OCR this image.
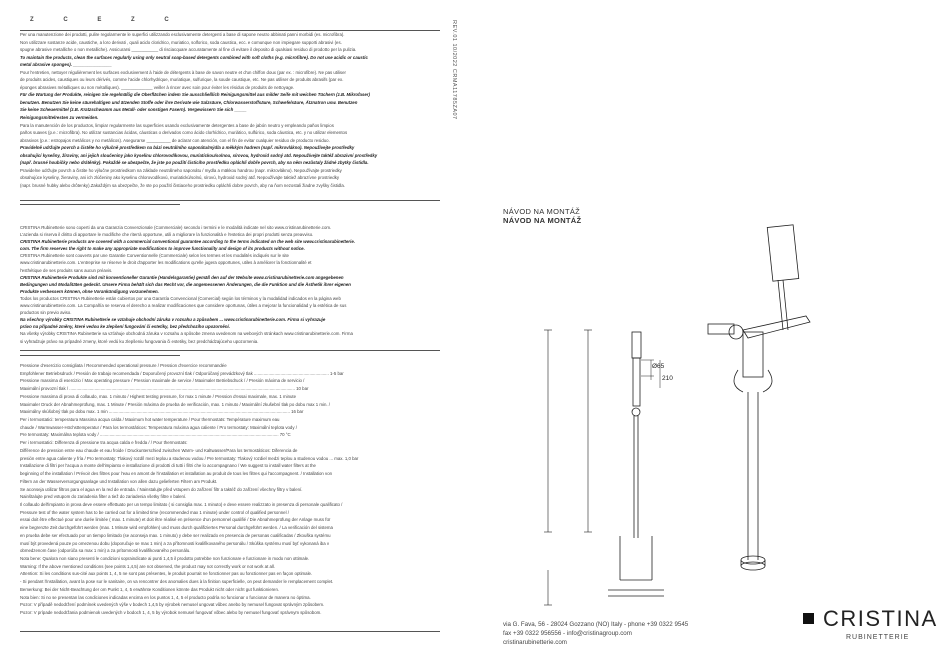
Z C E Z C

Per una manutenzione dei prodotti, pulire regolarmente le superfici utilizzando esclusivamente detergenti a base di sapone neutro abbinati panni morbidi (es. microfibra).

Non utilizzare sostanze acide, caustiche, a loro derivati , quali acido cloridrico, muriatico, solforico, soda caustica, ecc. e comunque non impiegare supporti abrasivi (es.

spugne abrasive metalliche o non metalliche). Assicurarsi ___________ di risciacquare accuratamente al fine di evitare il deposito di qualsiasi residuo di prodotto per la pulizia.

To maintain the products, clean the surfaces regularly using only neutral soap-based detergents combined with soft cloths (e.g. microfibre). Do not use acidic or caustic

metal abrasive sponges). ________________

Pour l'entretien, nettoyer régulièrement les surfaces exclusivement à l'aide de détergents à base de savon neutre et d'un chiffon doux (par ex. : microfibre). Ne pas utiliser

de produits acides, caustiques ou leurs dérivés, comme l'acide chlorhydrique, muriatique, sulfurique, la soude caustique, etc. Ne pas utiliser de produits abrasifs (par ex.

éponges abrasives métalliques ou non métalliques). _____________ veiller à rincer avec soin pour éviter les résidus de produits de nettoyage.

Für die Wartung der Produkte, reinigen Sie regelmäßig die Oberflächen indem Sie ausschließlich Reinigungsmittel aus milder Seife mit weichen Tüchern (z.B. Mikrofaser)

benutzen. Benutzen Sie keine säurehaltigen und ätzenden Stoffe oder ihre Derivate wie Salzsäure, Chlorwasserstoffsäure, Schwefelsäure, Ätznatron usw. Benutzen

Sie keine Scheuermittel (z.B. Kratzschwamm aus Metall- oder sonstigen Fasern). Vergewissern Sie sich _____

Reinigungsmittelresten zu vermeiden.

Para la manutención de los productos, limpiar regularmente las superficies usando exclusivamente detergentes a base de jabón neutro y empleando paños limpios

paños suaves (p.e.: microfibra). No utilizar sustancias ácidas, cáusticas o derivados como ácido clorhídrico, muriático, sulfúrico, soda cáustica, etc. y no utilizar elementos

abrasivos (p.e.: estropajos metálicos y no metálicos). Asegurarse __________ de aclarar con atención, con el fin de evitar cualquier residuo de producto residuo.

Pravidelně udržujte povrch a čistěte ho výlučně prostředkem na bázi neutrálního saponátu/mýdla a měkkým hadrem (např. mikrovlákno). Nepoužívejte prostředky

obsahující kyseliny, žíraviny, ani jejich sloučeniny jako kyselinu chlorovodíkovou, muriatickou/solnou, sírovou, hydroxid sodný atd. Nepoužívejte taktéž abrazivní prostředky

(např. brusné houbičky nebo drátěnky). Pokaždé se ubezpečte, že jste po použití čisticího prostředku opláchli dobře povrch, aby na něm nezůstaly žádné zbytky čistidla.

Pravidelne udržujte povrch a čistite ho výlučne prostriedkom na základe neutrálneho saponátu / mydla a mäkkou handrou (napr. mikrovlákno). Nepoužívajte prostriedky

obsahujúce kyseliny, žieraviny, ani ich zlúčeniny ako kyselinu chlorovodíkovú, muriatickú/solnú, sírovú, hydroxid sodný atď. Nepoužívajte taktiež abrazívne prostriedky

(napr. brusné hubky alebo drôtenky).Zakaždým sa ubezpečte, že ste po použití čistiaceho prostriedku opláchli dobre povrch, aby na ňom nezostali žiadne zvyšky čistidla.

CRISTINA Rubinetterie sono coperti da una Garanzia Convenzionale (Commerciale) secondo i termini e le modalità indicate nel sito www.cristinarubinetterie.com.

L'azienda si riserva il diritto di apportare le modifiche che riterrà opportune, utili a migliorare la funzionalità e l'estetica dei propri prodotti senza preavviso.

CRISTINA Rubinetterie products are covered with a commercial conventional guarantee according to the terms indicated on the web site www.cristinarubinetterie.

com. The firm reserves the right to make any appropriate modifications to improve functionality and design of its products without notice.

CRISTINA Rubinetterie sont couverts par une Garantie Conventionnelle (Commerciale) selon les termes et les modalités indiqués sur le site

www.cristinarubinetterie.com. L'entreprise se réserve le droit d'apporter les modifications qu'elle jugera opportunes, utiles à améliorer la fonctionnalité et

l'esthétique de ses produits sans aucun préavis.

CRISTINA Rubinetterie Produkte sind mit konventioneller Garantie (Handelsgarantie) gemäß den auf der Website www.cristinarubinetterie.com angegebenen

Bedingungen und Modalitäten gedeckt. Unsere Firma behält sich das Recht vor, die angemessenen Änderungen, die die Funktion und die Ästhetik ihrer eigenen

Produkte verbessern können, ohne Vorankündigung vorzunehmen.

Todos los productos CRISTINA Rubinetterie están cubiertos por una Garantía Convencional (Comercial) según los términos y la modalidad indicados en la página web

www.cristinarubinetterie.com. La Compañía se reserva el derecho a realizar modificaciones que considere oportunas, útiles a mejorar la funcionalidad y la estética de sus

productos sin previo aviso.

Na všechny výrobky CRISTINA Rubinetterie se vztahuje obchodní záruka v rozsahu a způsobem ... www.cristinarubinetterie.com. Firma si vyhrazuje

právo na případné změny, které vedou ke zlepšení fungování či estetiky, bez předchozího upozornění.

Na všetky výrobky CRISTINA Rubinetterie sa vzťahuje obchodná záruka v rozsahu a spôsobe zmena uvedenom na webových stránkach www.cristinarubinetterie.com. Firma

si vyhradzuje právo na prípadné zmeny, ktoré vedú ku zlepšeniu fungovania či estetiky, bez predchádzajúceho upozornenia.

Pressione d'esercizio consigliata / Recommended operational pressure / Pression d'exercice recommandée

Empfohlener Betriebsdruck / Presión de trabajo recomendada / Doporučený provozní tlak / Odporúčaný prevádzkový tlak .............................................................. 1-5 bar

Pressione massima di esercizio / Max operating pressure / Pression maximale de service / Maximaler Betriebsdruck / / Presión máxima de servicio /

Maximální provozní tlak / ........................................................................................................................................................................................... 10 bar

Pressione massima di prova di collaudo, max. 1 minuto / Highest testing pressure, for max 1 minute / Pression d'essai maximale, max. 1 minute

Maximaler Druck der Abnahmeprüfung, max. 1 Minute / Presión máxima de prueba de verificación, max. 1 minuto / Maximální zkušební tlak po dobu max 1 min. /

Maximálny skúšobný tlak po dobu max. 1 min ...................................................................................................................................................... 16 bar

Per i termostatici: temperatura Massima acqua calda / Maximum hot water temperature / Pour thermostats: Température maximum eau

chaude / Warmwasser-Höchsttemperatur / Para los termostáticos: Temperatura máxima agua caliente / Pro termostaty: Maximální teplota vody /

Pre termostaty: Maximálna teplota vody / .................................................................................................................................................... 70 °C

Per i termostatici: Differenza di pressione tra acqua calda e fredda / / Pour thermostats:

Différence de pression entre eau chaude et eau froide / Druckunterschied zwischen Warm- und Kaltwasser/Para los termostáticos: Diferencia de

presión entre agua caliente y fría / Pro termostaty: Tlakový rozdíl mezi teplou a studenou vodou / Pre termostaty: Tlakový rozdiel medzi teplou a studenou vodou ... max. 1,0 bar

Installazione di filtri per l'acqua a monte dell'impianto e installazione di prodotti di tutti i filtri che lo accompagnano / We suggest to install water filters at the

beginning of the installation / Prévoir des filtres pour l'eau en amont de l'installation et installation au produit de tous les filtres qui l'accompagnent. / Installation von

Filtern an der Wasserversorgungsanlage und Installation von allen dazu gelieferten Filtern am Produkt.

Se aconseja utilizar filtros para el agua en la red de entrada. / Nainstalujte před vstupem do zařízení filtr a taktéž do zařízení všechny filtry v balení.

Nainštalujte pred vstupom do zariadenia filter a tiež do zariadenia všetky filtre v balení.

Il collaudo dell'impianto in prova deve essere effettuato per un tempo limitato ( si consiglia max. 1 minuto) e deve essere realizzato in presenza di personale qualificato /

Pressure test of the water system has to be carried out for a limited time (recommended max 1 minute) under control of qualified personnel /

essai doit être effectué pour une durée limitée ( max. 1 minute) et doit être réalisé en présence d'un personnel qualifié / Die Abnahmeprüfung der Anlage muss für

eine begrenzte Zeit durchgeführt werden (max. 1 Minute wird empfohlen) und muss durch qualifiziertes Personal durchgeführt werden. / La verificación del sistema

en prueba debe ser efectuado por un tiempo limitado (se aconseja max. 1 minuto) y debe ser realizado en presencia de personas cualificadas / Zkouška systému

musí být provedená pouze po omezenou dobu (doporučuje se max 1 min) a za přítomnosti kvalifikovaného personálu / Skúška systému musí byť vykonaná iba v

obmedzenom čase (odporúča sa max 1 min) a za prítomnosti kvalifikovaného personálu.

Nota bene: Qualora non siano presenti le condizioni sopraindicate ai punti 1,4,5 il prodotto potrebbe non funzionare e funzionare in modo non ottimale.

Warning: If the above mentioned conditions (see points 1,4,5) are not observed, the product may not correctly work or not work at all.

Attention: Si les conditions sus-cité aux points 1, 4, 5 ne sont pas présentes, le produit pourrait ne fonctionner pas ou fonctionner pas en façon optimale.

- Si pendant l'installation, avant la pose sur le sanitaire, on va rencontrer des anomalies dues à la finition superficielle, on peut demander le remplacement complet.

Bemerkung: Bei der Nicht-Beachtung der om Punkt 1, 4, 5 erwähnte Konditionen könnte das Produkt nicht oder nicht gut funktionieren.

Nota bien: Si no se presentan las condiciones indicadas encima en los puntos 1, 4, 5 el producto podría no funcionar o funcionar de manera no óptima.

Pozor: V případě nedodržení podmínek uvedených výše v bodech 1,4,5 by výrobek nemusel ungovat vůbec anebo by nemusel fungovat správným způsobem.

Pozor: V prípade nedodržania podmienok uvedených v bodoch 1, 4, 5 by výrobok nemusel fungovať vôbec alebo by nemusel fungovať správnym spôsobom.

REV.01 10/2022 CRMA11785ZA07
NÁVOD NA MONTÁŽ
NÁVOD NA MONTÁŽ
Ø65
210
via G. Fava, 56 - 28024 Gozzano (NO) Italy - phone +39 0322 9545
fax +39 0322 956556 - info@cristinagroup.com
cristinarubinetterie.com
CRISTINA
RUBINETTERIE
